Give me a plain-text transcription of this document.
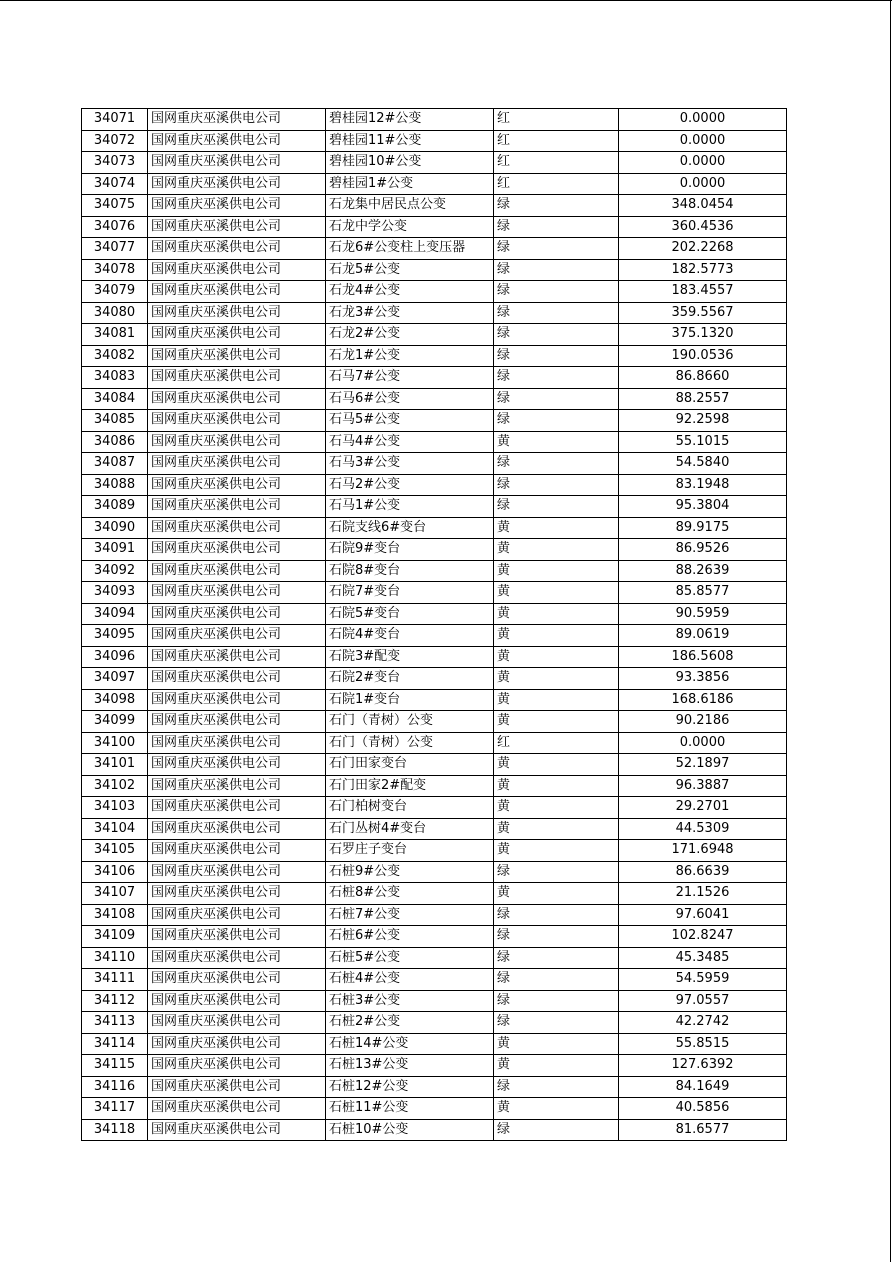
34071	国网重庆巫溪供电公司	碧桂园12#公变	红	0.0000
34072	国网重庆巫溪供电公司	碧桂园11#公变	红	0.0000
34073	国网重庆巫溪供电公司	碧桂园10#公变	红	0.0000
34074	国网重庆巫溪供电公司	碧桂园1#公变	红	0.0000
34075	国网重庆巫溪供电公司	石龙集中居民点公变	绿	348.0454
34076	国网重庆巫溪供电公司	石龙中学公变	绿	360.4536
34077	国网重庆巫溪供电公司	石龙6#公变柱上变压器	绿	202.2268
34078	国网重庆巫溪供电公司	石龙5#公变	绿	182.5773
34079	国网重庆巫溪供电公司	石龙4#公变	绿	183.4557
34080	国网重庆巫溪供电公司	石龙3#公变	绿	359.5567
34081	国网重庆巫溪供电公司	石龙2#公变	绿	375.1320
34082	国网重庆巫溪供电公司	石龙1#公变	绿	190.0536
34083	国网重庆巫溪供电公司	石马7#公变	绿	86.8660
34084	国网重庆巫溪供电公司	石马6#公变	绿	88.2557
34085	国网重庆巫溪供电公司	石马5#公变	绿	92.2598
34086	国网重庆巫溪供电公司	石马4#公变	黄	55.1015
34087	国网重庆巫溪供电公司	石马3#公变	绿	54.5840
34088	国网重庆巫溪供电公司	石马2#公变	绿	83.1948
34089	国网重庆巫溪供电公司	石马1#公变	绿	95.3804
34090	国网重庆巫溪供电公司	石院支线6#变台	黄	89.9175
34091	国网重庆巫溪供电公司	石院9#变台	黄	86.9526
34092	国网重庆巫溪供电公司	石院8#变台	黄	88.2639
34093	国网重庆巫溪供电公司	石院7#变台	黄	85.8577
34094	国网重庆巫溪供电公司	石院5#变台	黄	90.5959
34095	国网重庆巫溪供电公司	石院4#变台	黄	89.0619
34096	国网重庆巫溪供电公司	石院3#配变	黄	186.5608
34097	国网重庆巫溪供电公司	石院2#变台	黄	93.3856
34098	国网重庆巫溪供电公司	石院1#变台	黄	168.6186
34099	国网重庆巫溪供电公司	石门（青树）公变	黄	90.2186
34100	国网重庆巫溪供电公司	石门（青树）公变	红	0.0000
34101	国网重庆巫溪供电公司	石门田家变台	黄	52.1897
34102	国网重庆巫溪供电公司	石门田家2#配变	黄	96.3887
34103	国网重庆巫溪供电公司	石门柏树变台	黄	29.2701
34104	国网重庆巫溪供电公司	石门丛树4#变台	黄	44.5309
34105	国网重庆巫溪供电公司	石罗庄子变台	黄	171.6948
34106	国网重庆巫溪供电公司	石桩9#公变	绿	86.6639
34107	国网重庆巫溪供电公司	石桩8#公变	黄	21.1526
34108	国网重庆巫溪供电公司	石桩7#公变	绿	97.6041
34109	国网重庆巫溪供电公司	石桩6#公变	绿	102.8247
34110	国网重庆巫溪供电公司	石桩5#公变	绿	45.3485
34111	国网重庆巫溪供电公司	石桩4#公变	绿	54.5959
34112	国网重庆巫溪供电公司	石桩3#公变	绿	97.0557
34113	国网重庆巫溪供电公司	石桩2#公变	绿	42.2742
34114	国网重庆巫溪供电公司	石桩14#公变	黄	55.8515
34115	国网重庆巫溪供电公司	石桩13#公变	黄	127.6392
34116	国网重庆巫溪供电公司	石桩12#公变	绿	84.1649
34117	国网重庆巫溪供电公司	石桩11#公变	黄	40.5856
34118	国网重庆巫溪供电公司	石桩10#公变	绿	81.6577
